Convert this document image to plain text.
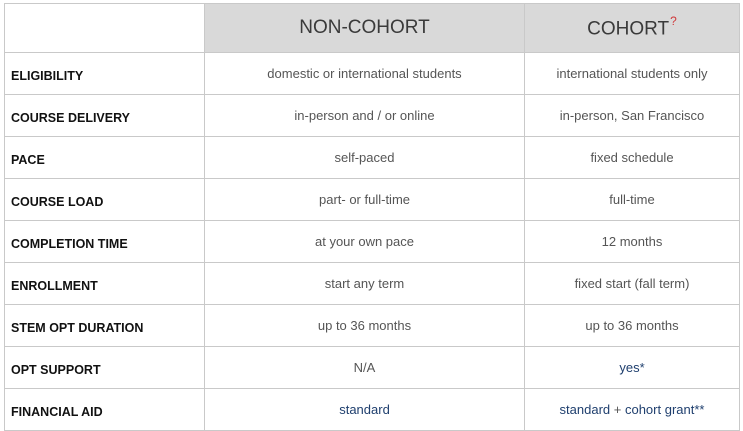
	NON-COHORT	COHORT?
ELIGIBILITY	domestic or international students	international students only
COURSE DELIVERY	in-person and / or online	in-person, San Francisco
PACE	self-paced	fixed schedule
COURSE LOAD	part- or full-time	full-time
COMPLETION TIME	at your own pace	12 months
ENROLLMENT	start any term	fixed start (fall term)
STEM OPT DURATION	up to 36 months	up to 36 months
OPT SUPPORT	N/A	yes*
FINANCIAL AID	standard	standard + cohort grant**
